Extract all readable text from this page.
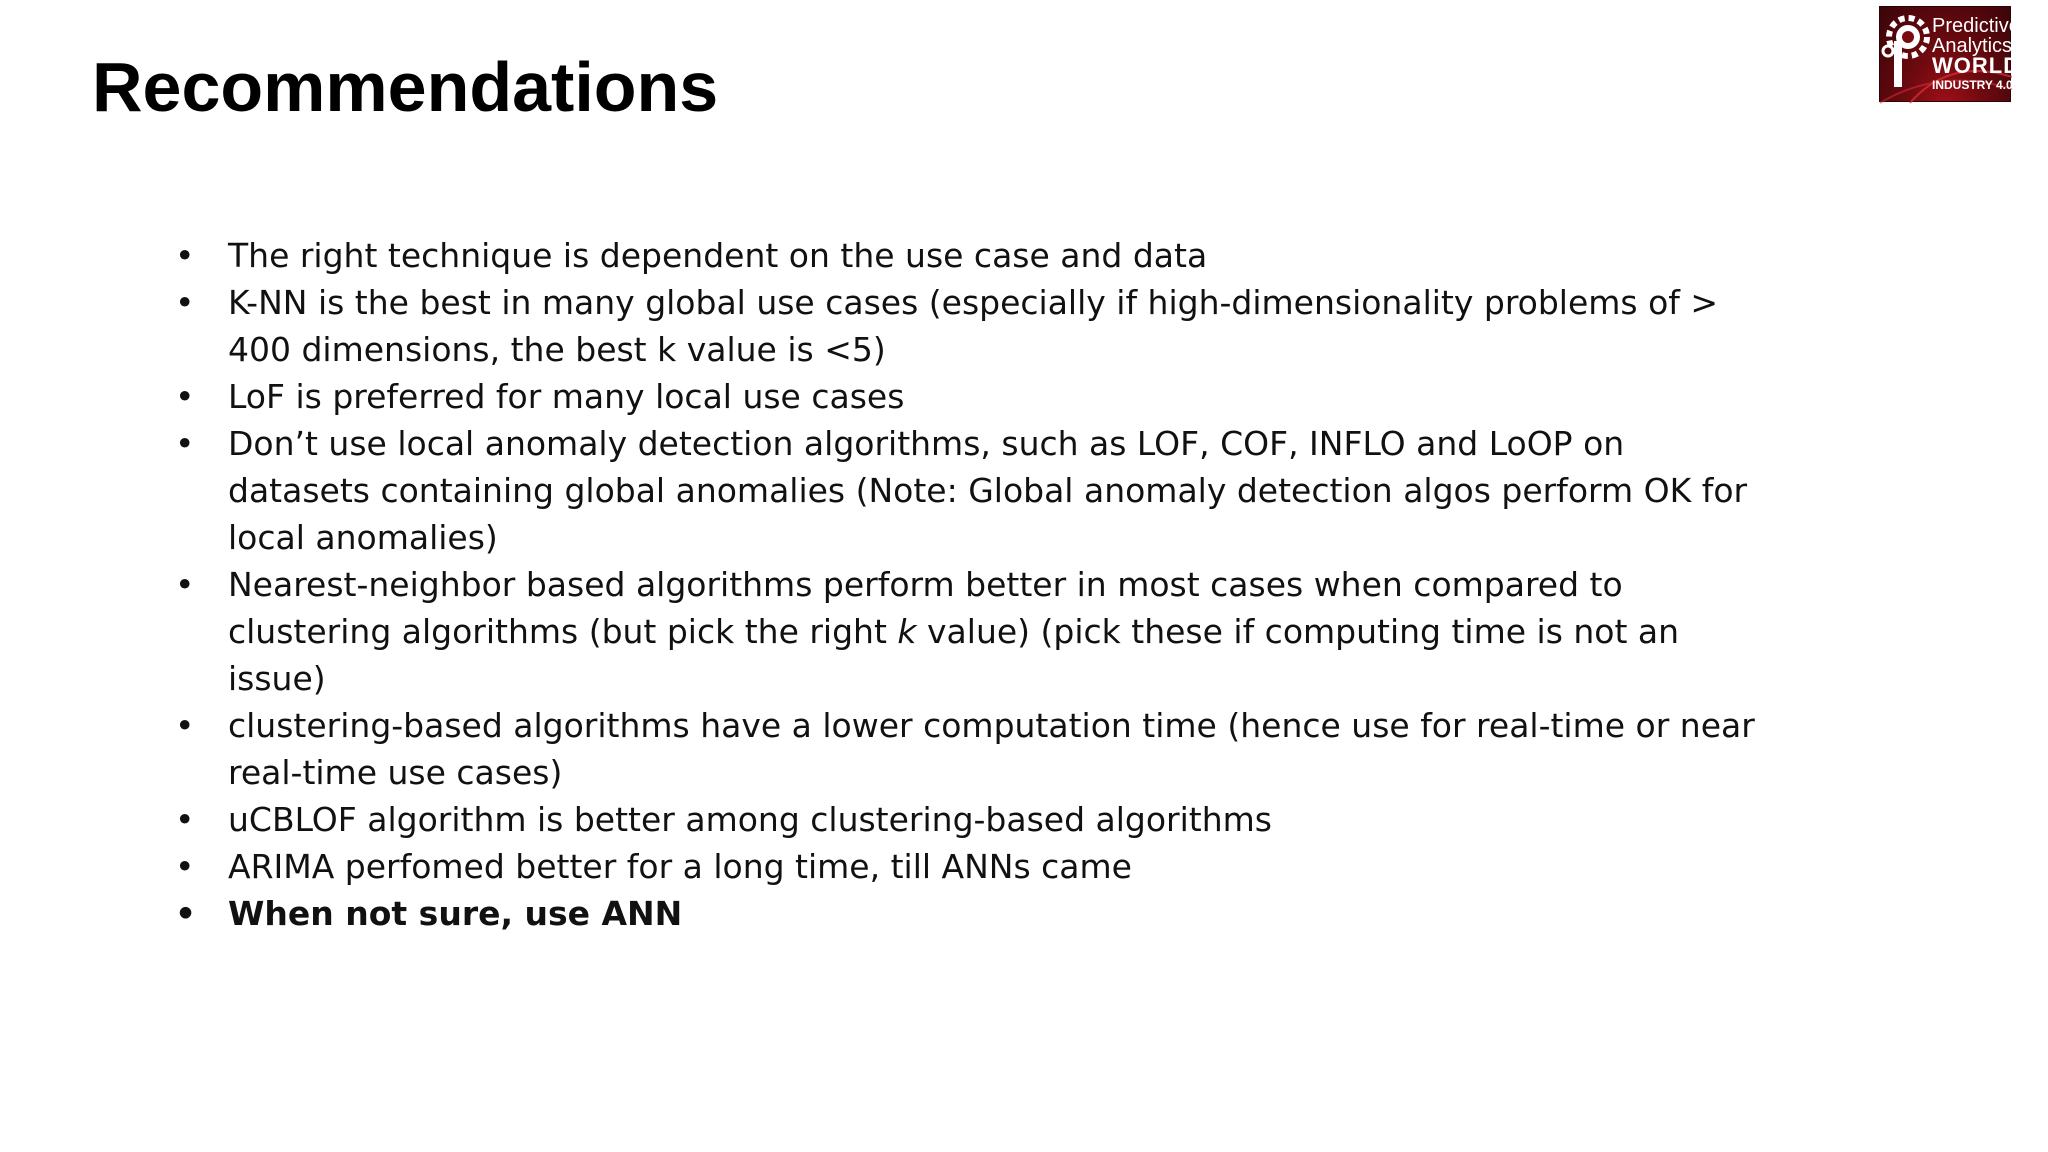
Recommendations
Predictive
Analytics
WORLD
INDUSTRY 4.0
• The right technique is dependent on the use case and data
• K-NN is the best in many global use cases (especially if high-dimensionality problems of > 400 dimensions, the best k value is <5)
• LoF is preferred for many local use cases
• Don’t use local anomaly detection algorithms, such as LOF, COF, INFLO and LoOP on datasets containing global anomalies (Note: Global anomaly detection algos perform OK for local anomalies)
• Nearest-neighbor based algorithms perform better in most cases when compared to clustering algorithms (but pick the right k value) (pick these if computing time is not an issue)
• clustering-based algorithms have a lower computation time (hence use for real-time or near real-time use cases)
• uCBLOF algorithm is better among clustering-based algorithms
• ARIMA perfomed better for a long time, till ANNs came
• When not sure, use ANN
